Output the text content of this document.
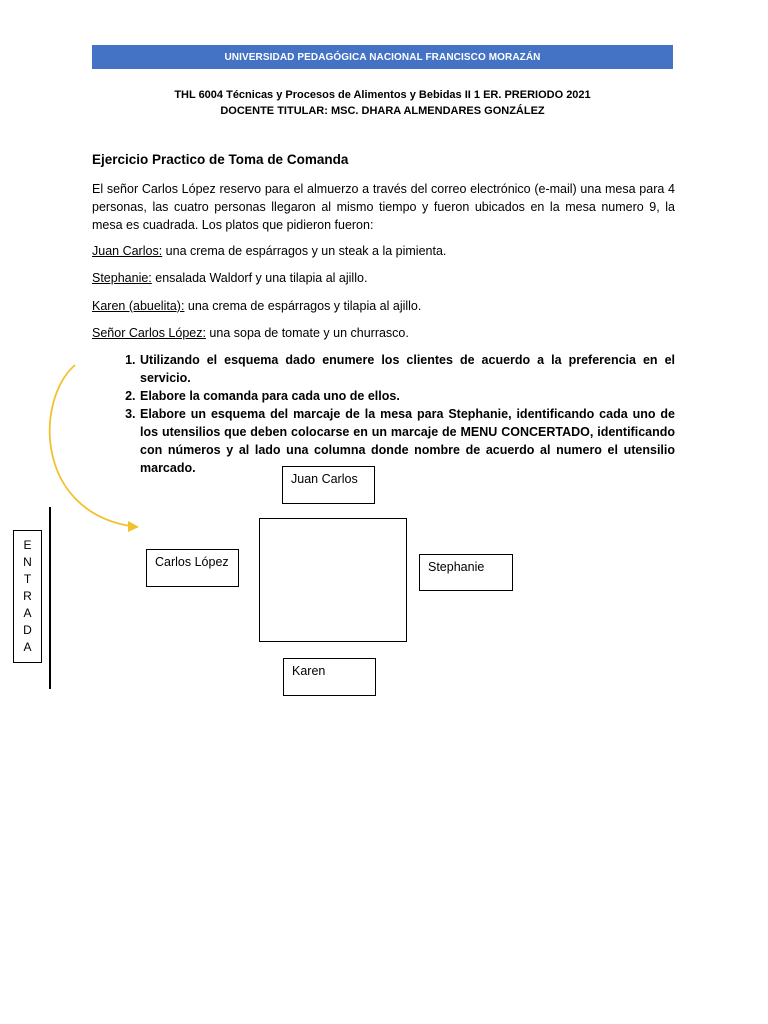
UNIVERSIDAD PEDAGÓGICA NACIONAL FRANCISCO MORAZÁN
THL 6004 Técnicas y Procesos de Alimentos y Bebidas II 1 ER. PRERIODO 2021
DOCENTE TITULAR: MSC. DHARA ALMENDARES GONZÁLEZ
Ejercicio Practico de Toma de Comanda
El señor Carlos López reservo para el almuerzo a través del correo electrónico (e-mail) una mesa para 4 personas, las cuatro personas llegaron al mismo tiempo y fueron ubicados en la mesa numero 9, la mesa es cuadrada. Los platos que pidieron fueron:
Juan Carlos: una crema de espárragos y un steak a la pimienta.
Stephanie: ensalada Waldorf y una tilapia al ajillo.
Karen (abuelita): una crema de espárragos y tilapia al ajillo.
Señor Carlos López: una sopa de tomate y un churrasco.
1. Utilizando el esquema dado enumere los clientes de acuerdo a la preferencia en el servicio.
2. Elabore la comanda para cada uno de ellos.
3. Elabore un esquema del marcaje de la mesa para Stephanie, identificando cada uno de los utensilios que deben colocarse en un marcaje de MENU CONCERTADO, identificando con números y al lado una columna donde nombre de acuerdo al numero el utensilio marcado.
E
N
T
R
A
D
A
Juan Carlos
Carlos López	Stephanie
Karen
